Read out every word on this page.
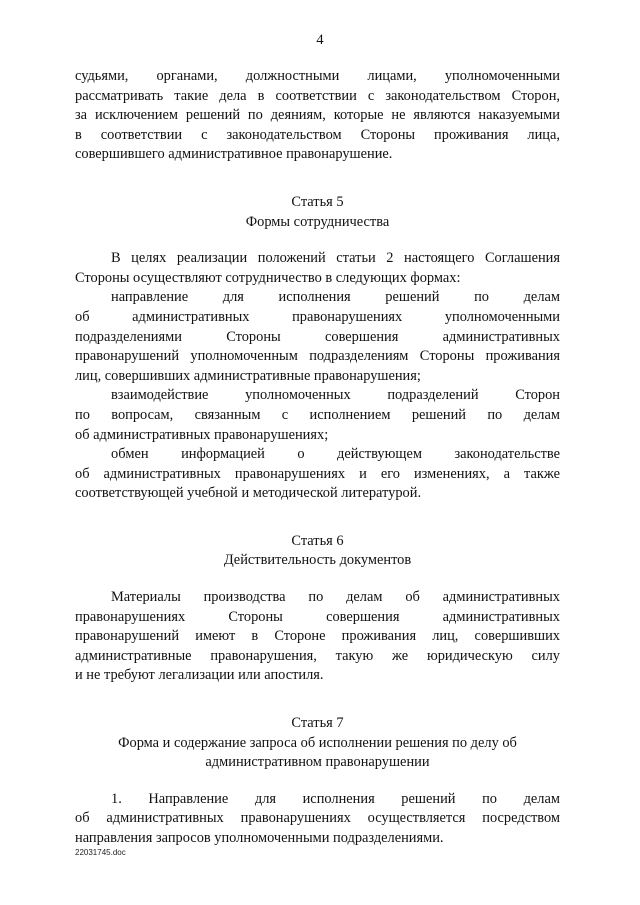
4

судьями, органами, должностными лицами, уполномоченными

рассматривать такие дела в соответствии с законодательством Сторон,

за исключением решений по деяниям, которые не являются наказуемыми

в соответствии с законодательством Стороны проживания лица,

совершившего административное правонарушение.

Статья 5
Формы сотрудничества

В целях реализации положений статьи 2 настоящего Соглашения

Стороны осуществляют сотрудничество в следующих формах:

направление для исполнения решений по делам

об административных правонарушениях уполномоченными

подразделениями Стороны совершения административных

правонарушений уполномоченным подразделениям Стороны проживания

лиц, совершивших административные правонарушения;

взаимодействие уполномоченных подразделений Сторон

по вопросам, связанным с исполнением решений по делам

об административных правонарушениях;

обмен информацией о действующем законодательстве

об административных правонарушениях и его изменениях, а также

соответствующей учебной и методической литературой.

Статья 6
Действительность документов

Материалы производства по делам об административных

правонарушениях Стороны совершения административных

правонарушений имеют в Стороне проживания лиц, совершивших

административные правонарушения, такую же юридическую силу

и не требуют легализации или апостиля.

Статья 7
Форма и содержание запроса об исполнении решения по делу об
административном правонарушении

1. Направление для исполнения решений по делам

об административных правонарушениях осуществляется посредством

направления запросов уполномоченными подразделениями.

22031745.doc
